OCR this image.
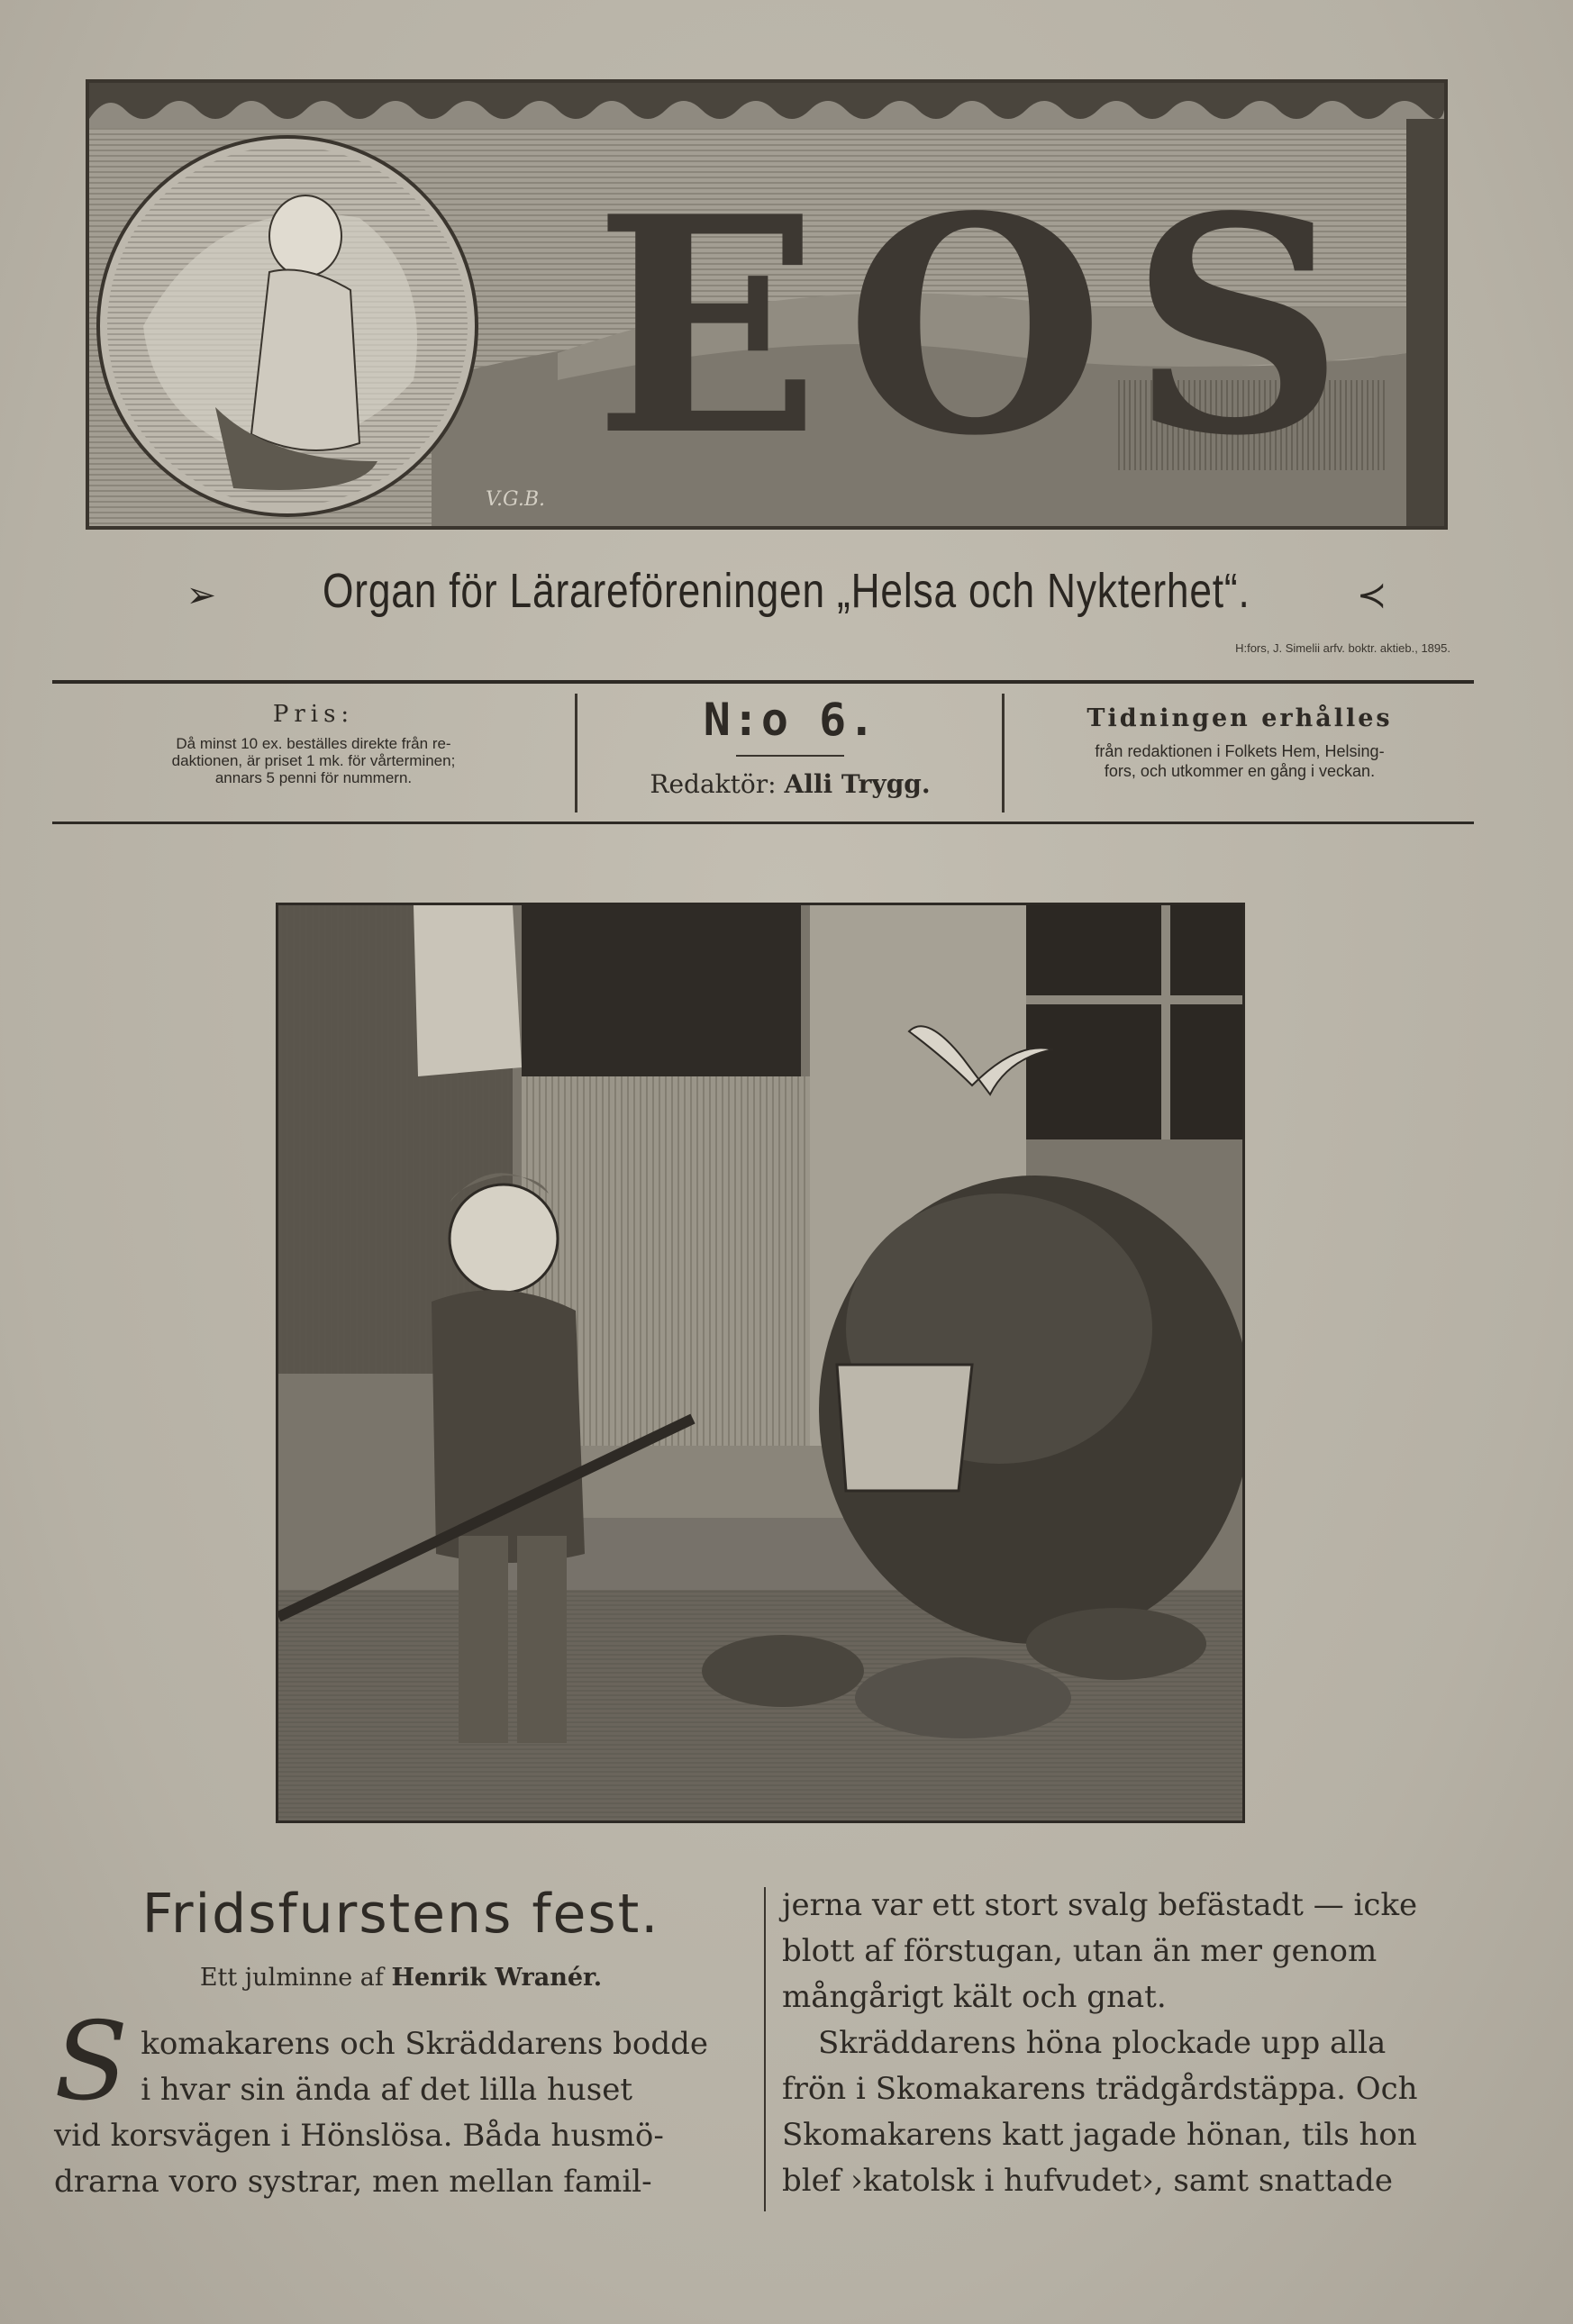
EOS
V.G.B.
➢ Organ för Lärareföreningen „Helsa och Nykterhet“.	≺
H:fors, J. Simelii arfv. boktr. aktieb., 1895.
Pris:
Då minst 10 ex. beställes direkte från re-
daktionen, är priset 1 mk. för vårterminen;
annars 5 penni för nummern.
N:o 6.
Redaktör: Alli Trygg.
Tidningen erhålles
från redaktionen i Folkets Hem, Helsing-
fors, och utkommer en gång i veckan.
Fridsfurstens fest.
Ett julminne af Henrik Wranér.
S komakarens och Skräddarens bodde
i hvar sin ända af det lilla huset
vid korsvägen i Hönslösa. Båda husmö-
drarna voro systrar, men mellan famil-
jerna var ett stort svalg befästadt — icke
blott af förstugan, utan än mer genom
mångårigt kält och gnat.
Skräddarens höna plockade upp alla
frön i Skomakarens trädgårdstäppa. Och
Skomakarens katt jagade hönan, tils hon
blef ›katolsk i hufvudet›, samt snattade
